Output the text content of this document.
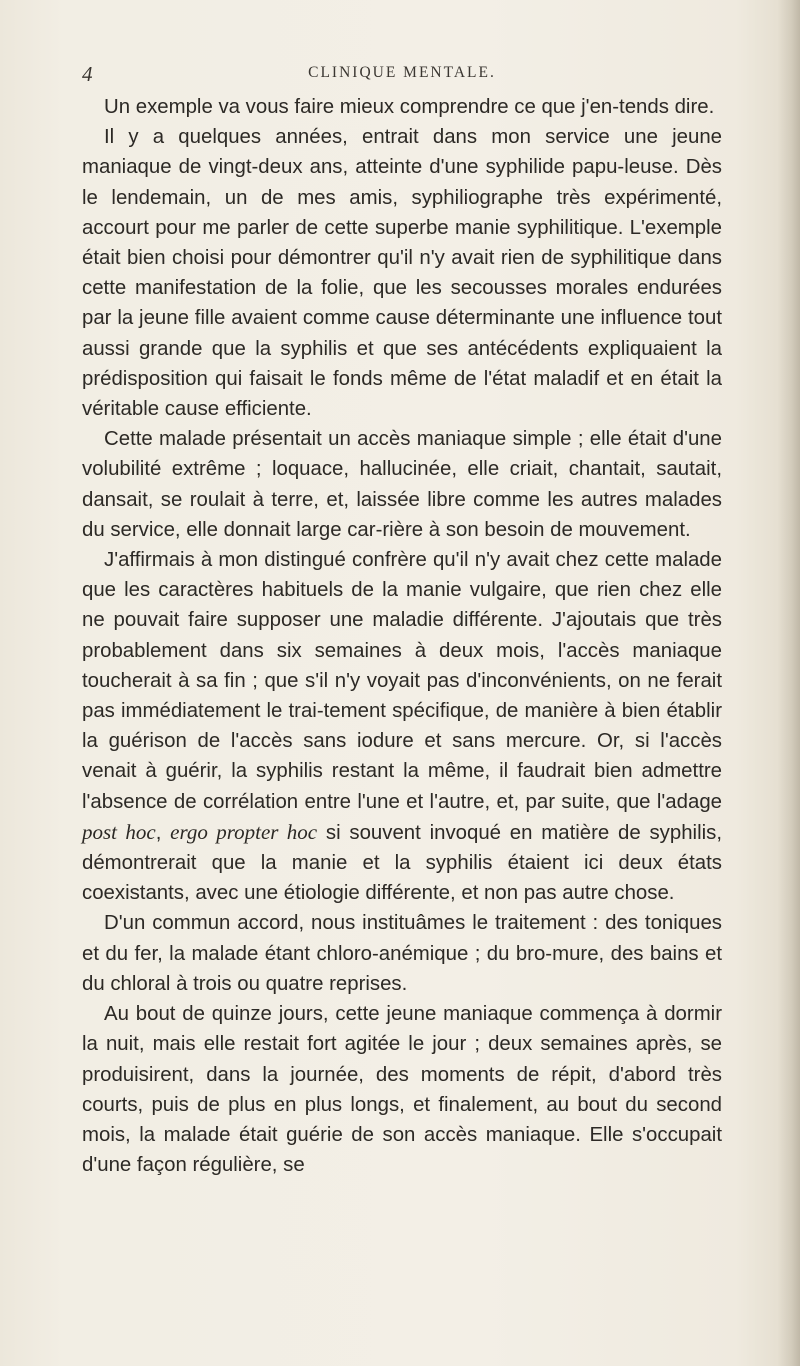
4	CLINIQUE MENTALE.

Un exemple va vous faire mieux comprendre ce que j'en-tends dire.

Il y a quelques années, entrait dans mon service une jeune maniaque de vingt-deux ans, atteinte d'une syphilide papu-leuse. Dès le lendemain, un de mes amis, syphiliographe très expérimenté, accourt pour me parler de cette superbe manie syphilitique. L'exemple était bien choisi pour démontrer qu'il n'y avait rien de syphilitique dans cette manifestation de la folie, que les secousses morales endurées par la jeune fille avaient comme cause déterminante une influence tout aussi grande que la syphilis et que ses antécédents expliquaient la prédisposition qui faisait le fonds même de l'état maladif et en était la véritable cause efficiente.

Cette malade présentait un accès maniaque simple ; elle était d'une volubilité extrême ; loquace, hallucinée, elle criait, chantait, sautait, dansait, se roulait à terre, et, laissée libre comme les autres malades du service, elle donnait large car-rière à son besoin de mouvement.

J'affirmais à mon distingué confrère qu'il n'y avait chez cette malade que les caractères habituels de la manie vulgaire, que rien chez elle ne pouvait faire supposer une maladie différente. J'ajoutais que très probablement dans six semaines à deux mois, l'accès maniaque toucherait à sa fin ; que s'il n'y voyait pas d'inconvénients, on ne ferait pas immédiatement le trai-tement spécifique, de manière à bien établir la guérison de l'accès sans iodure et sans mercure. Or, si l'accès venait à guérir, la syphilis restant la même, il faudrait bien admettre l'absence de corrélation entre l'une et l'autre, et, par suite, que l'adage post hoc, ergo propter hoc si souvent invoqué en matière de syphilis, démontrerait que la manie et la syphilis étaient ici deux états coexistants, avec une étiologie différente, et non pas autre chose.

D'un commun accord, nous instituâmes le traitement : des toniques et du fer, la malade étant chloro-anémique ; du bro-mure, des bains et du chloral à trois ou quatre reprises.

Au bout de quinze jours, cette jeune maniaque commença à dormir la nuit, mais elle restait fort agitée le jour ; deux semaines après, se produisirent, dans la journée, des moments de répit, d'abord très courts, puis de plus en plus longs, et finalement, au bout du second mois, la malade était guérie de son accès maniaque. Elle s'occupait d'une façon régulière, se
